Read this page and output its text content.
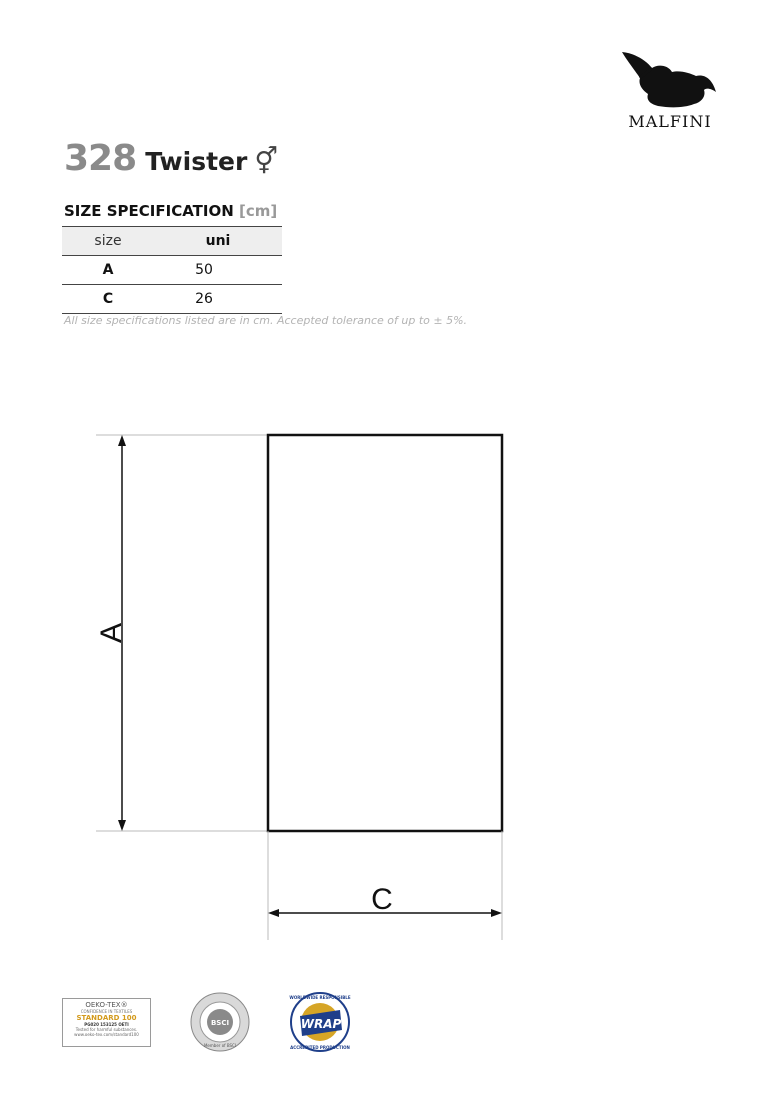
MALFINI
328 Twister ⚥
SIZE SPECIFICATION [cm]
size	uni
A	50
C	26
All size specifications listed are in cm. Accepted tolerance of up to ± 5%.
A
C
BSCI
Member of BSCI
WRAP
WORLDWIDE RESPONSIBLE
ACCREDITED PRODUCTION
OEKO-TEX®
CONFIDENCE IN TEXTILES
STANDARD 100
PG020 153125 OETI
Tested for harmful substances.
www.oeko-tex.com/standard100
